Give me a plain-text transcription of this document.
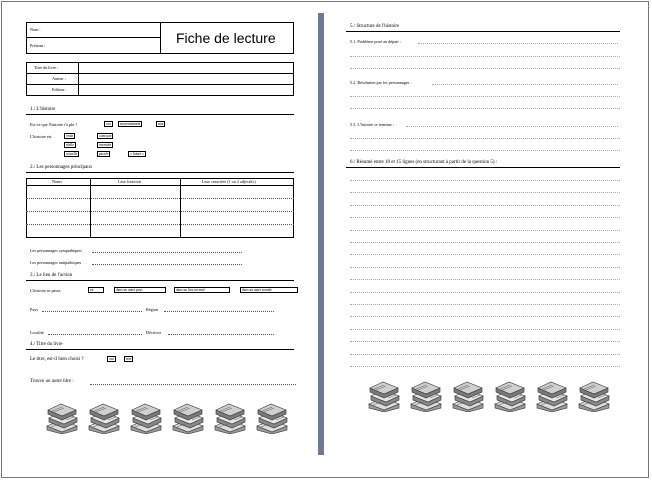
Nom :
Prénom :	Fiche de lecture
Titre du livre :
Auteur :
Editeur :
1./ L'histoire
Est-ce que l'histoire t'a plu ?	oui	moyennement	non
L'histoire est	vraie
réelle
actuelle
comique
inventée
passée	« future »
2./ Les personnages principaux
Noms	Leur fonction	Leur caractère (1 ou 2 adjectifs)
Les personnages sympathiques
Les personnages antipathiques
3./ Le lieu de l'action
L'histoire se passe	en	dans un autre pays	dans un lieu inventé	dans un autre monde
Pays	Région
Localité	Décrivez
4./ Titre du livre
Le titre, est-il bien choisi ?	oui	non
Trouve un autre titre :
5./ Structure de l'histoire
5.1. Problème posé au départ :
5.2. Résolution par les personnages :
5.3. L'histoire se termine :
6./ Résumé entre 10 et 15 lignes (en structurant à partir de la question 5) :
